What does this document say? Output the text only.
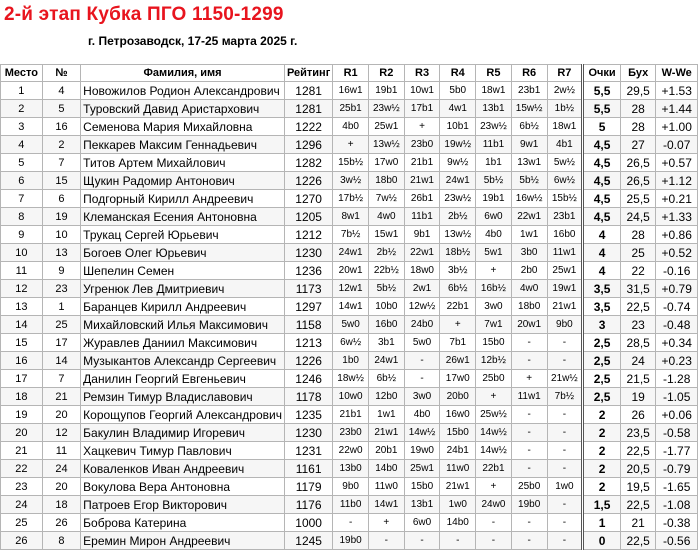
2-й этап Кубка ПГО 1150-1299
г. Петрозаводск, 17-25 марта 2025 г.
Место	№	Фамилия, имя	Рейтинг	R1	R2	R3	R4	R5	R6	R7	Очки	Бух	W-We
1	4	Новожилов Родион Александрович	1281	16w1	19b1	10w1	5b0	18w1	23b1	2w½	5,5	29,5	+1.53
2	5	Туровский Давид Аристархович	1281	25b1	23w½	17b1	4w1	13b1	15w½	1b½	5,5	28	+1.44
3	16	Семенова Мария Михайловна	1222	4b0	25w1	+	10b1	23w½	6b½	18w1	5	28	+1.00
4	2	Пеккарев Максим Геннадьевич	1296	+	13w½	23b0	19w½	11b1	9w1	4b1	4,5	27	-0.07
5	7	Титов Артем Михайлович	1282	15b½	17w0	21b1	9w½	1b1	13w1	5w½	4,5	26,5	+0.57
6	15	Щукин Радомир Антонович	1226	3w½	18b0	21w1	24w1	5b½	5b½	6w½	4,5	26,5	+1.12
7	6	Подгорный Кирилл Андреевич	1270	17b½	7w½	26b1	23w½	19b1	16w½	15b½	4,5	25,5	+0.21
8	19	Клеманская Есения Антоновна	1205	8w1	4w0	11b1	2b½	6w0	22w1	23b1	4,5	24,5	+1.33
9	10	Трукац Сергей Юрьевич	1212	7b½	15w1	9b1	13w½	4b0	1w1	16b0	4	28	+0.86
10	13	Богоев Олег Юрьевич	1230	24w1	2b½	22w1	18b½	5w1	3b0	11w1	4	25	+0.52
11	9	Шепелин Семен	1236	20w1	22b½	18w0	3b½	+	2b0	25w1	4	22	-0.16
12	23	Угренюк Лев Дмитриевич	1173	12w1	5b½	2w1	6b½	16b½	4w0	19w1	3,5	31,5	+0.79
13	1	Баранцев Кирилл Андреевич	1297	14w1	10b0	12w½	22b1	3w0	18b0	21w1	3,5	22,5	-0.74
14	25	Михайловский Илья Максимович	1158	5w0	16b0	24b0	+	7w1	20w1	9b0	3	23	-0.48
15	17	Журавлев Даниил Максимович	1213	6w½	3b1	5w0	7b1	15b0	-	-	2,5	28,5	+0.34
16	14	Музыкантов Александр Сергеевич	1226	1b0	24w1	-	26w1	12b½	-	-	2,5	24	+0.23
17	7	Данилин Георгий Евгеньевич	1246	18w½	6b½	-	17w0	25b0	+	21w½	2,5	21,5	-1.28
18	21	Ремзин Тимур Владиславович	1178	10w0	12b0	3w0	20b0	+	11w1	7b½	2,5	19	-1.05
19	20	Корощупов Георгий Александрович	1235	21b1	1w1	4b0	16w0	25w½	-	-	2	26	+0.06
20	12	Бакулин Владимир Игоревич	1230	23b0	21w1	14w½	15b0	14w½	-	-	2	23,5	-0.58
21	11	Хацкевич Тимур Павлович	1231	22w0	20b1	19w0	24b1	14w½	-	-	2	22,5	-1.77
22	24	Коваленков Иван Андреевич	1161	13b0	14b0	25w1	11w0	22b1	-	-	2	20,5	-0.79
23	20	Вокулова Вера Антоновна	1179	9b0	11w0	15b0	21w1	+	25b0	1w0	2	19,5	-1.65
24	18	Патроев Егор Викторович	1176	11b0	14w1	13b1	1w0	24w0	19b0	-	1,5	22,5	-1.08
25	26	Боброва Катерина	1000	-	+	6w0	14b0	-	-	-	1	21	-0.38
26	8	Еремин Мирон Андреевич	1245	19b0	-	-	-	-	-	-	0	22,5	-0.56
